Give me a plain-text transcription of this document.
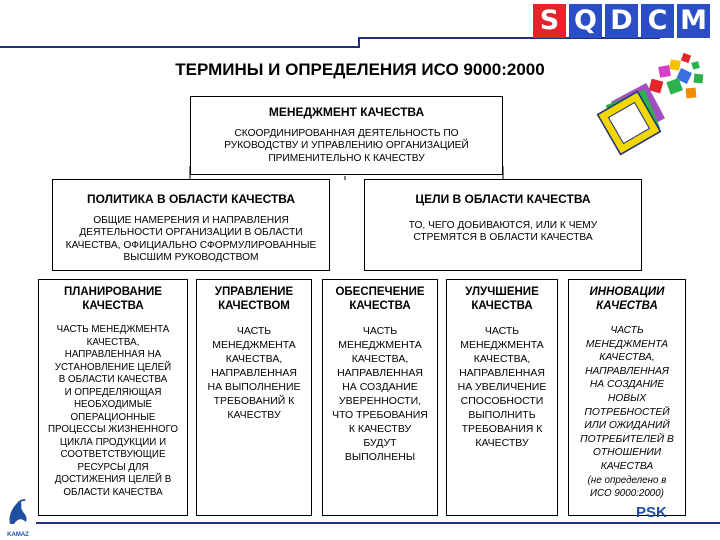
S Q D C M
ТЕРМИНЫ И ОПРЕДЕЛЕНИЯ ИСО 9000:2000
МЕНЕДЖМЕНТ КАЧЕСТВА
СКООРДИНИРОВАННАЯ ДЕЯТЕЛЬНОСТЬ ПО
РУКОВОДСТВУ И УПРАВЛЕНИЮ ОРГАНИЗАЦИЕЙ
ПРИМЕНИТЕЛЬНО К КАЧЕСТВУ
ПОЛИТИКА В ОБЛАСТИ КАЧЕСТВА
ОБЩИЕ НАМЕРЕНИЯ И НАПРАВЛЕНИЯ
ДЕЯТЕЛЬНОСТИ ОРГАНИЗАЦИИ В ОБЛАСТИ
КАЧЕСТВА, ОФИЦИАЛЬНО СФОРМУЛИРОВАННЫЕ
ВЫСШИМ РУКОВОДСТВОМ
ЦЕЛИ В ОБЛАСТИ КАЧЕСТВА
ТО, ЧЕГО ДОБИВАЮТСЯ, ИЛИ К ЧЕМУ
СТРЕМЯТСЯ В ОБЛАСТИ КАЧЕСТВА
ПЛАНИРОВАНИЕ
КАЧЕСТВА
ЧАСТЬ МЕНЕДЖМЕНТА
КАЧЕСТВА,
НАПРАВЛЕННАЯ НА
УСТАНОВЛЕНИЕ ЦЕЛЕЙ
В ОБЛАСТИ КАЧЕСТВА
И ОПРЕДЕЛЯЮЩАЯ
НЕОБХОДИМЫЕ
ОПЕРАЦИОННЫЕ
ПРОЦЕССЫ ЖИЗНЕННОГО
ЦИКЛА ПРОДУКЦИИ И
СООТВЕТСТВУЮЩИЕ
РЕСУРСЫ ДЛЯ
ДОСТИЖЕНИЯ ЦЕЛЕЙ В
ОБЛАСТИ КАЧЕСТВА
УПРАВЛЕНИЕ
КАЧЕСТВОМ
ЧАСТЬ
МЕНЕДЖМЕНТА
КАЧЕСТВА,
НАПРАВЛЕННАЯ
НА ВЫПОЛНЕНИЕ
ТРЕБОВАНИЙ К
КАЧЕСТВУ
ОБЕСПЕЧЕНИЕ
КАЧЕСТВА
ЧАСТЬ
МЕНЕДЖМЕНТА
КАЧЕСТВА,
НАПРАВЛЕННАЯ
НА СОЗДАНИЕ
УВЕРЕННОСТИ,
ЧТО ТРЕБОВАНИЯ
К КАЧЕСТВУ
БУДУТ
ВЫПОЛНЕНЫ
УЛУЧШЕНИЕ
КАЧЕСТВА
ЧАСТЬ
МЕНЕДЖМЕНТА
КАЧЕСТВА,
НАПРАВЛЕННАЯ
НА УВЕЛИЧЕНИЕ
СПОСОБНОСТИ
ВЫПОЛНИТЬ
ТРЕБОВАНИЯ К
КАЧЕСТВУ
ИННОВАЦИИ
КАЧЕСТВА
ЧАСТЬ
МЕНЕДЖМЕНТА
КАЧЕСТВА,
НАПРАВЛЕННАЯ
НА СОЗДАНИЕ
НОВЫХ
ПОТРЕБНОСТЕЙ
ИЛИ ОЖИДАНИЙ
ПОТРЕБИТЕЛЕЙ В
ОТНОШЕНИИ
КАЧЕСТВА
(не определено в
ИСО 9000:2000)
KAMAZ
PSK
